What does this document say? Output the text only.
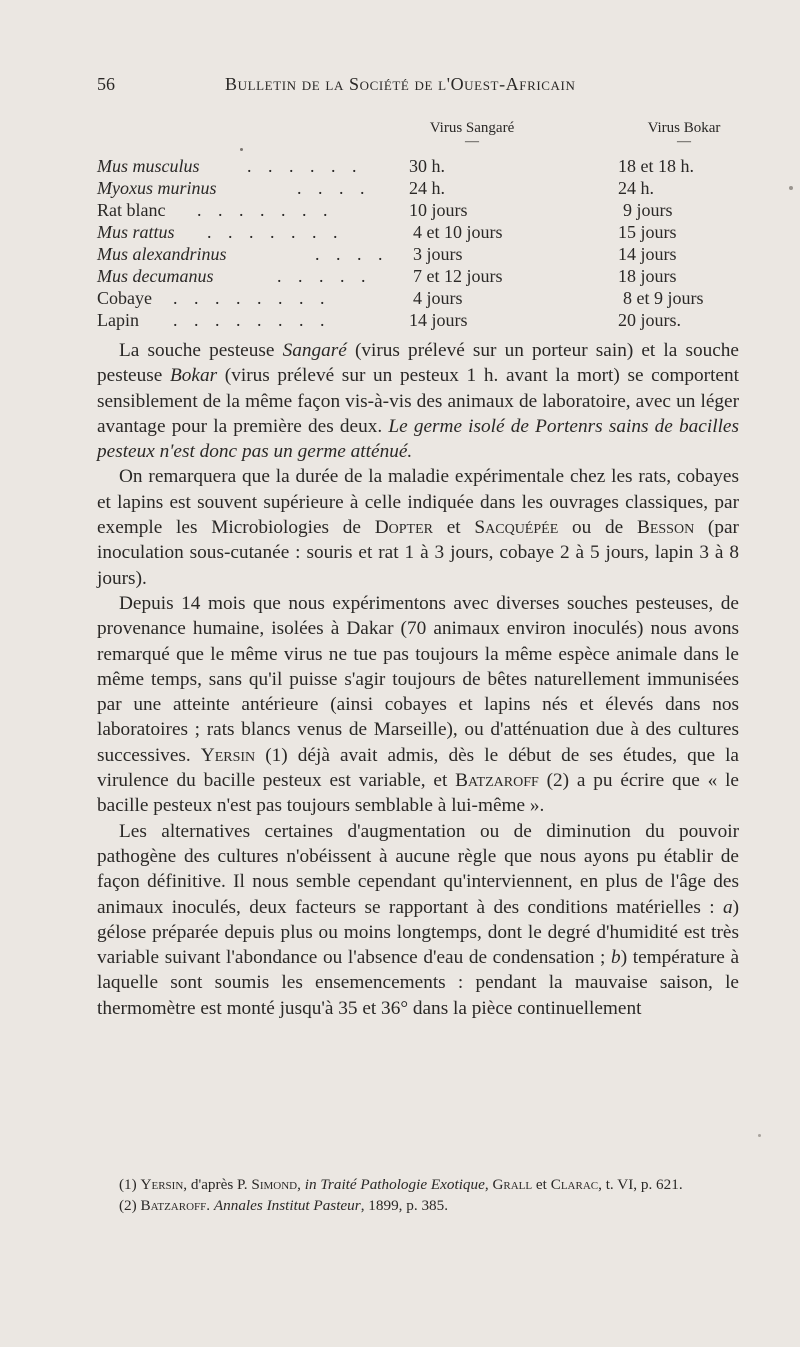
56	Bulletin de la Société de l'Ouest-Africain
Virus Sangaré
—
Virus Bokar
—
Mus musculus	. . . . . .	30 h.	18 et 18 h.
Myoxus murinus	. . . . 24 h.	24 h.
Rat blanc . . . . . . .	10 jours	9 jours
Mus rattus . . . . . . .	4 et 10 jours	15 jours
Mus alexandrinus	. . . . 3 jours	14 jours
Mus decumanus	. . . . . 7 et 12 jours	18 jours
Cobaye . . . . . . . .	4 jours	8 et 9 jours
Lapin . . . . . . . .	14 jours	20 jours.

La souche pesteuse Sangaré (virus prélevé sur un porteur sain) et la souche pesteuse Bokar (virus prélevé sur un pesteux 1 h. avant la mort) se comportent sensiblement de la même façon vis-à-vis des animaux de laboratoire, avec un léger avantage pour la première des deux. Le germe isolé de Portenrs sains de bacilles pesteux n'est donc pas un germe atténué.

On remarquera que la durée de la maladie expérimentale chez les rats, cobayes et lapins est souvent supérieure à celle indiquée dans les ouvrages classiques, par exemple les Microbiologies de Dopter et Sacquépée ou de Besson (par inoculation sous-cutanée : souris et rat 1 à 3 jours, cobaye 2 à 5 jours, lapin 3 à 8 jours).

Depuis 14 mois que nous expérimentons avec diverses souches pesteuses, de provenance humaine, isolées à Dakar (70 animaux environ inoculés) nous avons remarqué que le même virus ne tue pas toujours la même espèce animale dans le même temps, sans qu'il puisse s'agir toujours de bêtes naturellement immunisées par une atteinte antérieure (ainsi cobayes et lapins nés et élevés dans nos laboratoires ; rats blancs venus de Marseille), ou d'atténuation due à des cultures successives. Yersin (1) déjà avait admis, dès le début de ses études, que la virulence du bacille pesteux est variable, et Batzaroff (2) a pu écrire que « le bacille pesteux n'est pas toujours semblable à lui-même ».

Les alternatives certaines d'augmentation ou de diminution du pouvoir pathogène des cultures n'obéissent à aucune règle que nous ayons pu établir de façon définitive. Il nous semble cependant qu'interviennent, en plus de l'âge des animaux inoculés, deux facteurs se rapportant à des conditions matérielles : a) gélose préparée depuis plus ou moins longtemps, dont le degré d'humidité est très variable suivant l'abondance ou l'absence d'eau de condensation ; b) température à laquelle sont soumis les ensemencements : pendant la mauvaise saison, le thermomètre est monté jusqu'à 35 et 36° dans la pièce continuellement

(1) Yersin, d'après P. Simond, in Traité Pathologie Exotique, Grall et Clarac, t. VI, p. 621.

(2) Batzaroff. Annales Institut Pasteur, 1899, p. 385.
